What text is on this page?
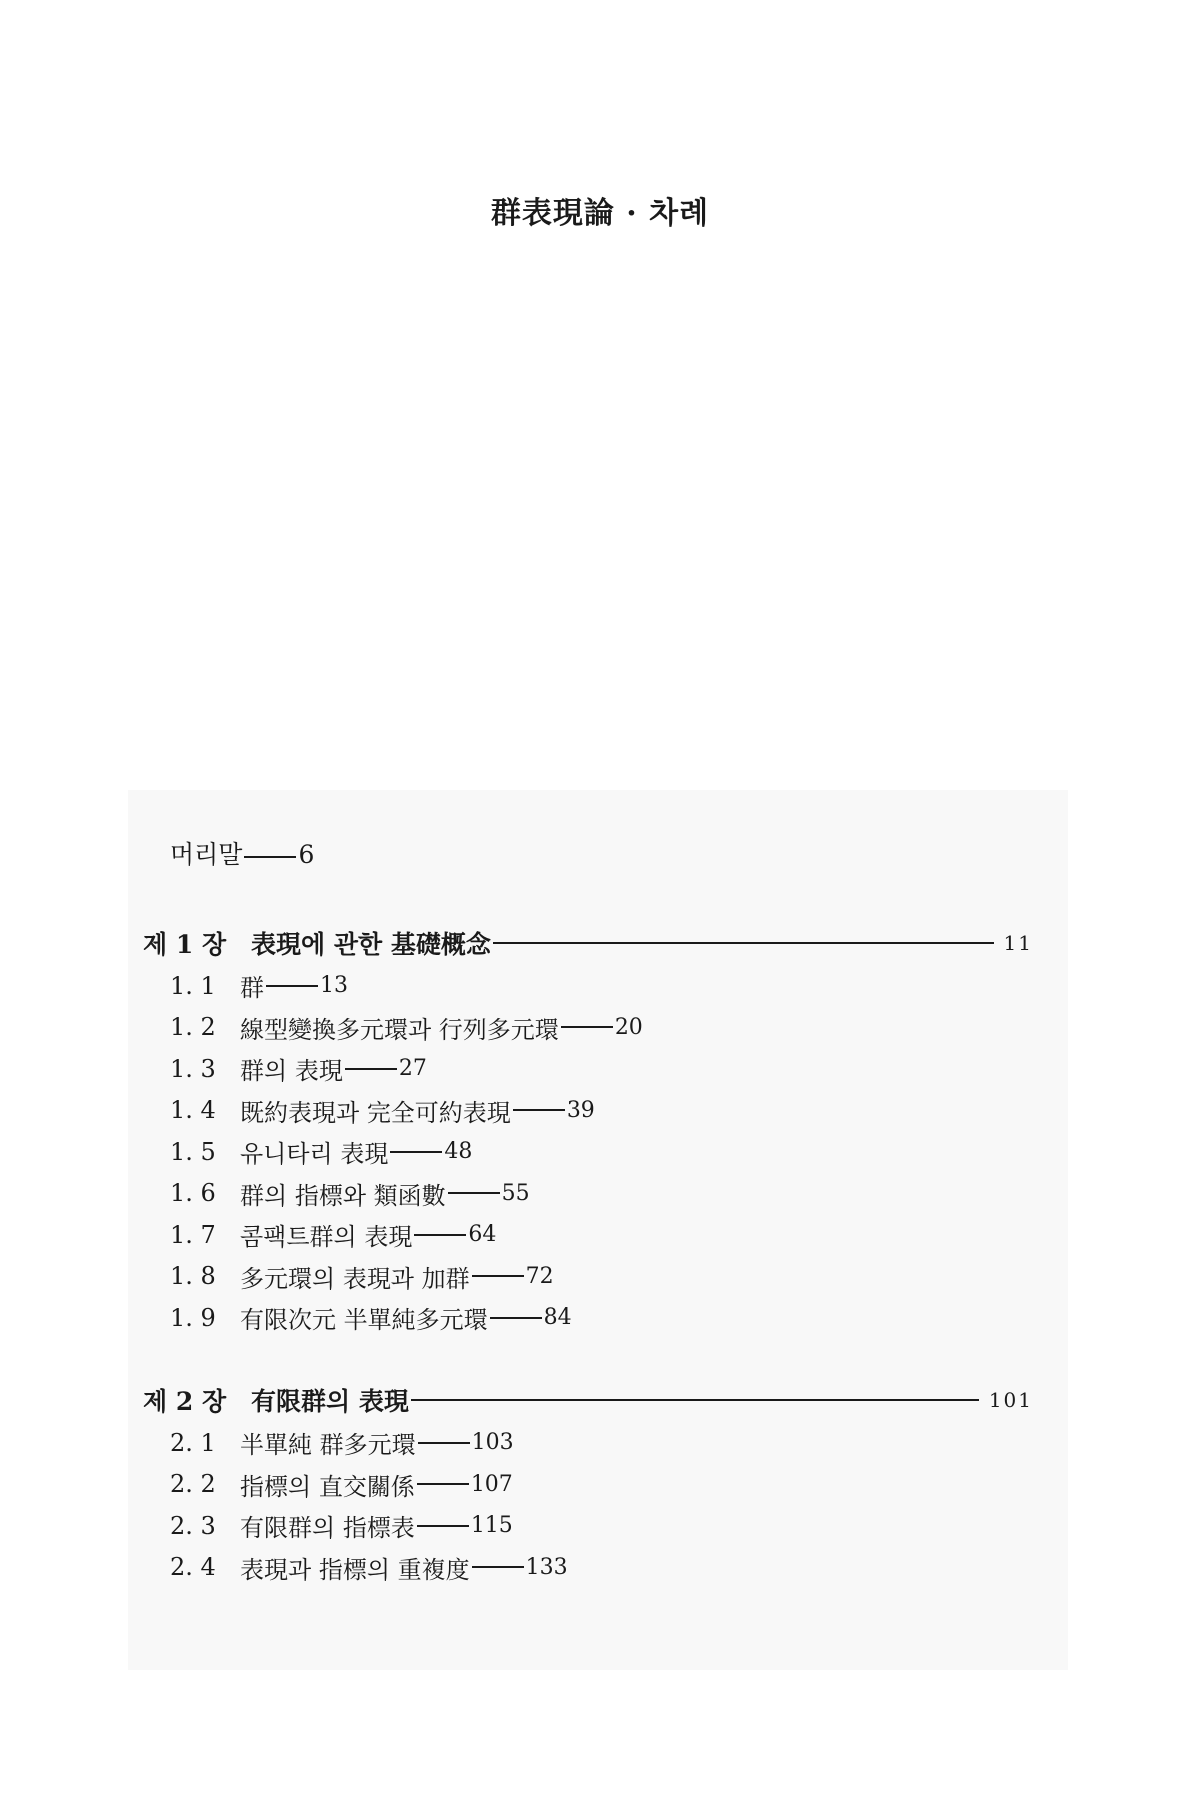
群表現論 · 차례
머리말 6
제 1 장 表現에 관한 基礎概念	11
1. 1	群	13
1. 2	線型變換多元環과 行列多元環	20
1. 3	群의 表現	27
1. 4	既約表現과 完全可約表現	39
1. 5	유니타리 表現	48
1. 6	群의 指標와 類函數	55
1. 7	콤팩트群의 表現	64
1. 8	多元環의 表現과 加群	72
1. 9	有限次元 半單純多元環	84
제 2 장 有限群의 表現	101
2. 1	半單純 群多元環	103
2. 2	指標의 直交關係	107
2. 3	有限群의 指標表	115
2. 4	表現과 指標의 重複度	133
